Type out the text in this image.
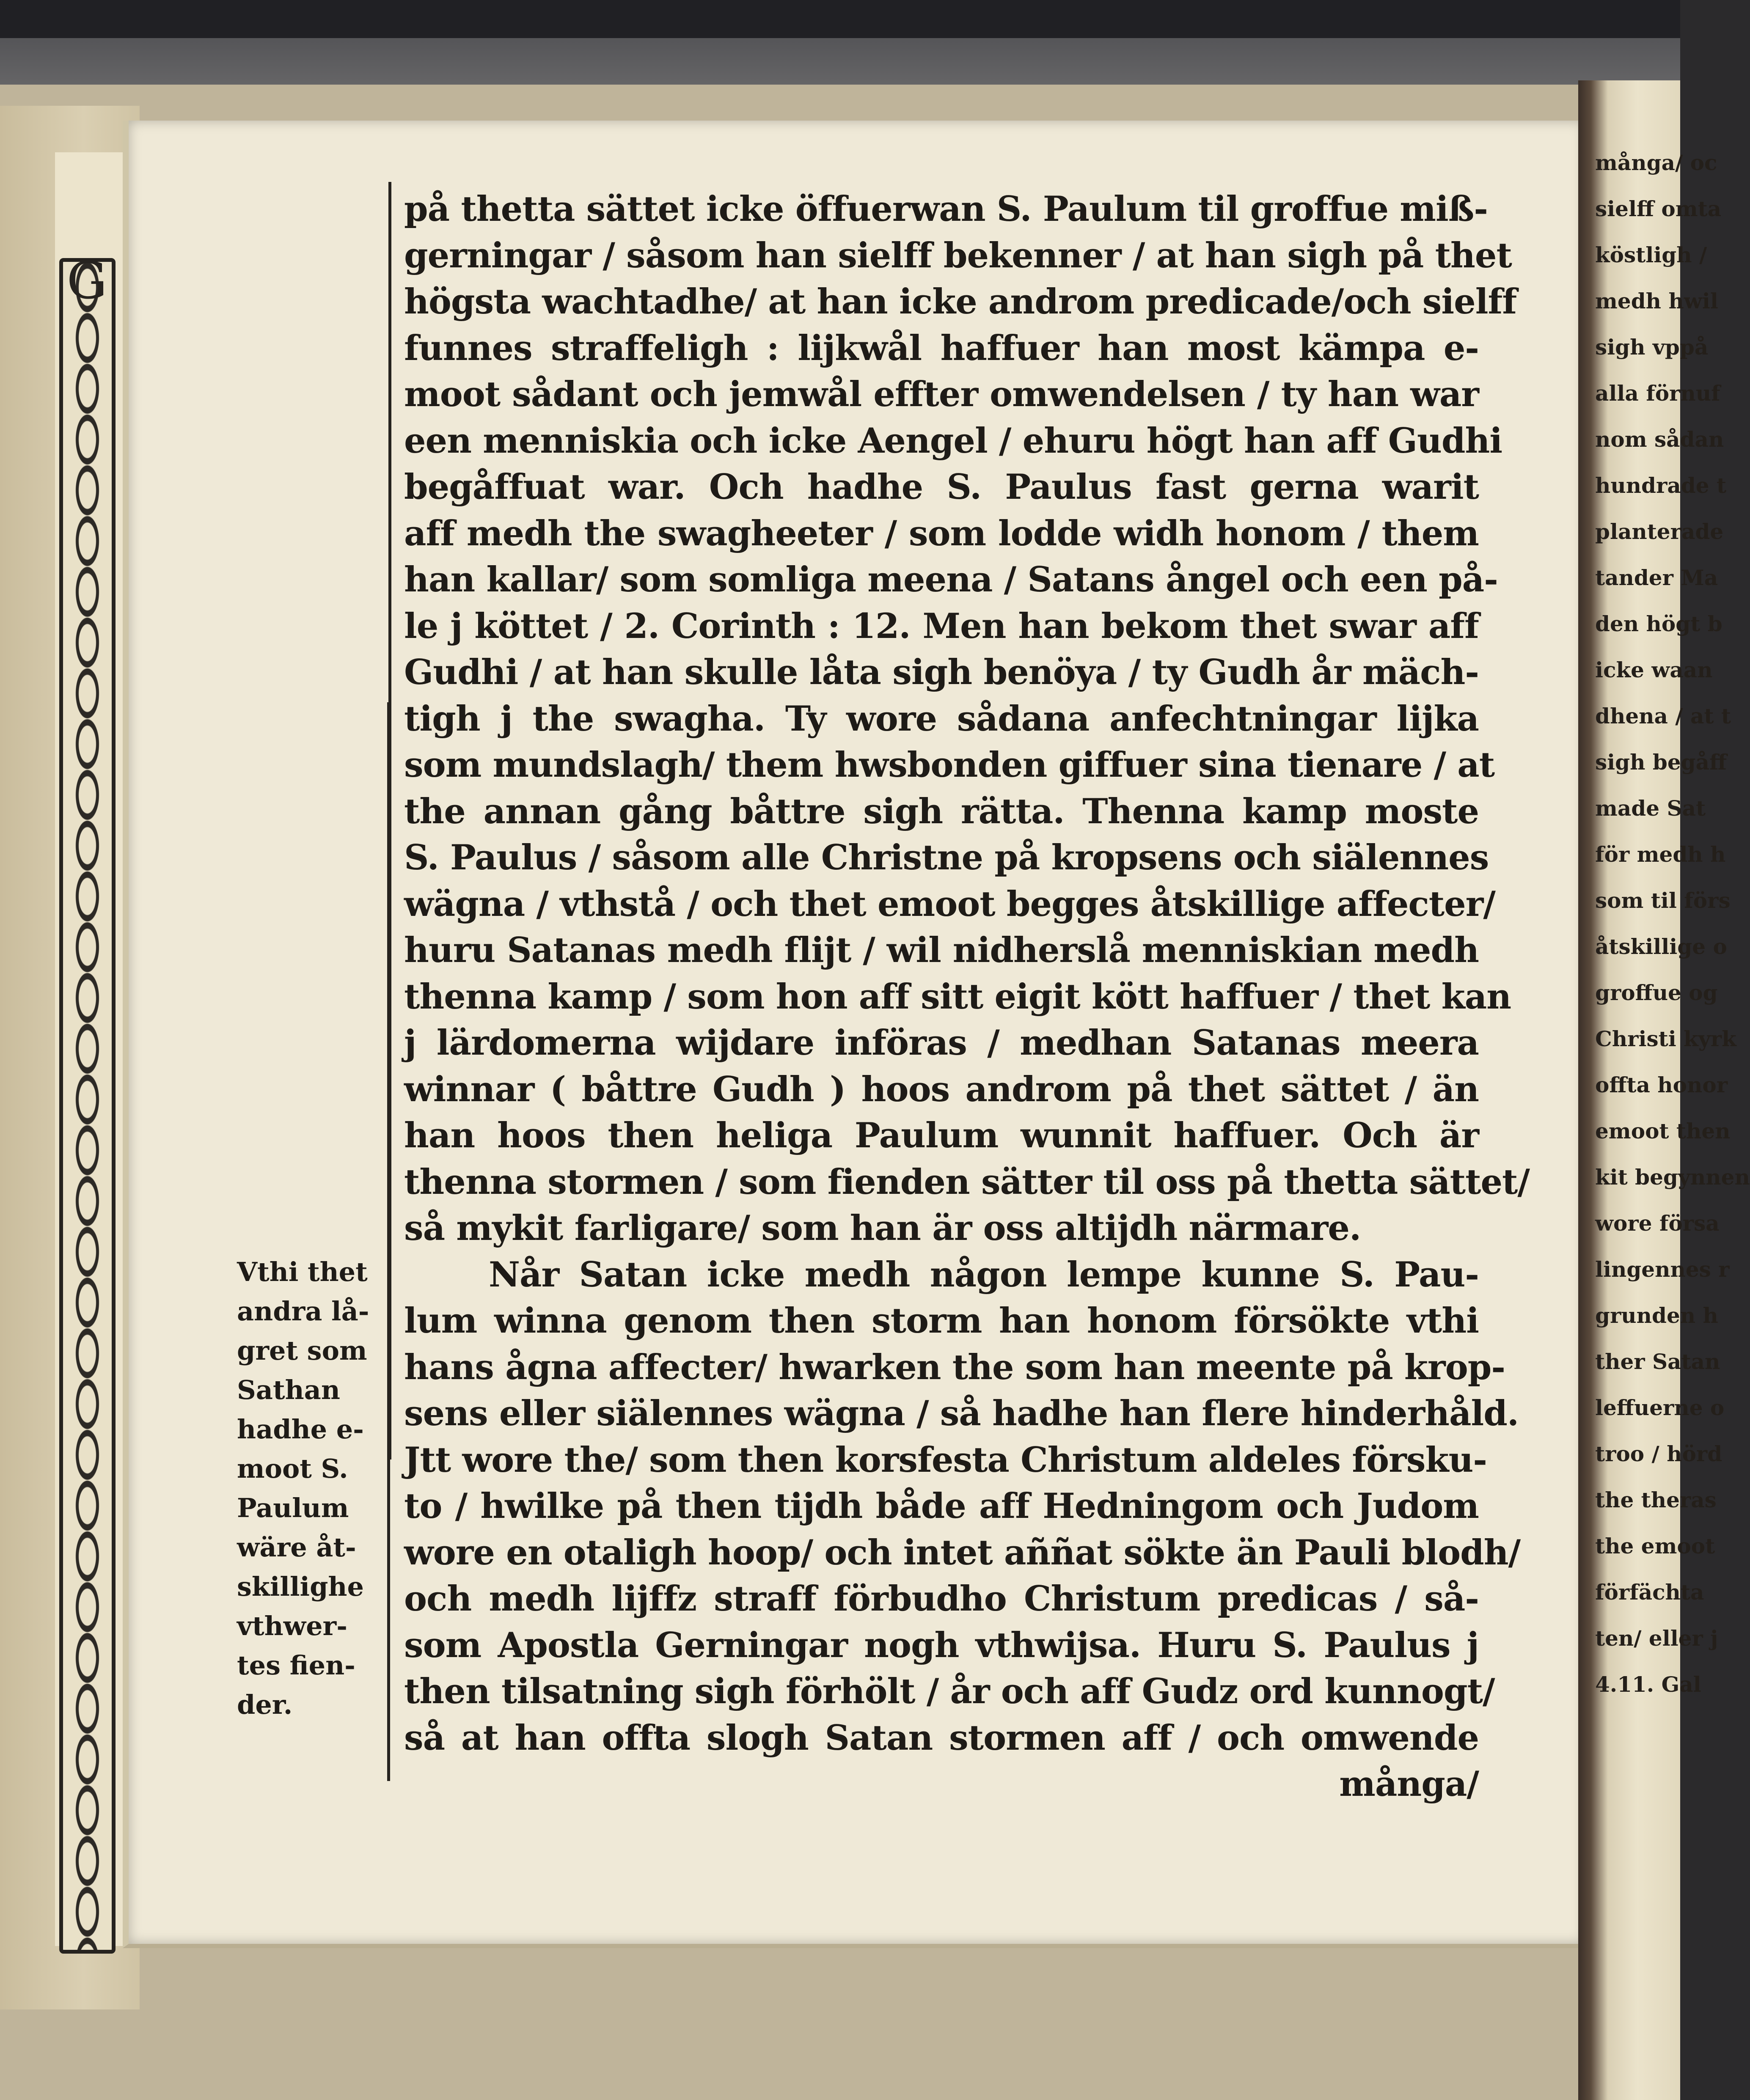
G
på thetta sättet icke öffuerwan S. Paulum til groffue miß-
gerningar / såsom han sielff bekenner / at han sigh på thet
högsta wachtadhe/ at han icke androm predicade/och sielff
funnes straffeligh : lijkwål haffuer han most kämpa e-
moot sådant och jemwål effter omwendelsen / ty han war
een menniskia och icke Aengel / ehuru högt han aff Gudhi
begåffuat war. Och hadhe S. Paulus fast gerna warit
aff medh the swagheeter / som lodde widh honom / them
han kallar/ som somliga meena / Satans ångel och een på-
le j köttet / 2. Corinth : 12. Men han bekom thet swar aff
Gudhi / at han skulle låta sigh benöya / ty Gudh år mäch-
tigh j the swagha. Ty wore sådana anfechtningar lijka
som mundslagh/ them hwsbonden giffuer sina tienare / at
the annan gång båttre sigh rätta. Thenna kamp moste
S. Paulus / såsom alle Christne på kropsens och siälennes
wägna / vthstå / och thet emoot begges åtskillige affecter/
huru Satanas medh flijt / wil nidherslå menniskian medh
thenna kamp / som hon aff sitt eigit kött haffuer / thet kan
j lärdomerna wijdare införas / medhan Satanas meera
winnar ( båttre Gudh ) hoos androm på thet sättet / än
han hoos then heliga Paulum wunnit haffuer. Och är
thenna stormen / som fienden sätter til oss på thetta sättet/
så mykit farligare/ som han är oss altijdh närmare.
Når Satan icke medh någon lempe kunne S. Pau-
lum winna genom then storm han honom försökte vthi
hans ågna affecter/ hwarken the som han meente på krop-
sens eller siälennes wägna / så hadhe han flere hinderhåld.
Jtt wore the/ som then korsfesta Christum aldeles försku-
to / hwilke på then tijdh både aff Hedningom och Judom
wore en otaligh hoop/ och intet aññat sökte än Pauli blodh/
och medh lijffz straff förbudho Christum predicas / så-
som Apostla Gerningar nogh vthwijsa. Huru S. Paulus j
then tilsatning sigh förhölt / år och aff Gudz ord kunnogt/
så at han offta slogh Satan stormen aff / och omwende
många/
Vthi thet
andra lå-
gret som
Sathan
hadhe e-
moot S.
Paulum
wäre åt-
skillighe
vthwer-
tes fien-
der.
många/ oc
sielff omta
köstligh /
medh hwil
sigh vppå
alla förnuf
nom sådan
hundrade t
planterade
tander Ma
den högt b
icke waan
dhena / at t
sigh begåff
made Sat
för medh h
som til förs
åtskillige o
groffue og
Christi kyrk
offta honor
emoot then
kit begynnen
wore försa
lingennes r
grunden h
ther Satan
leffuerne o
troo / hörd
the theras
the emoot
förfächta
ten/ eller j
4.11. Gal
